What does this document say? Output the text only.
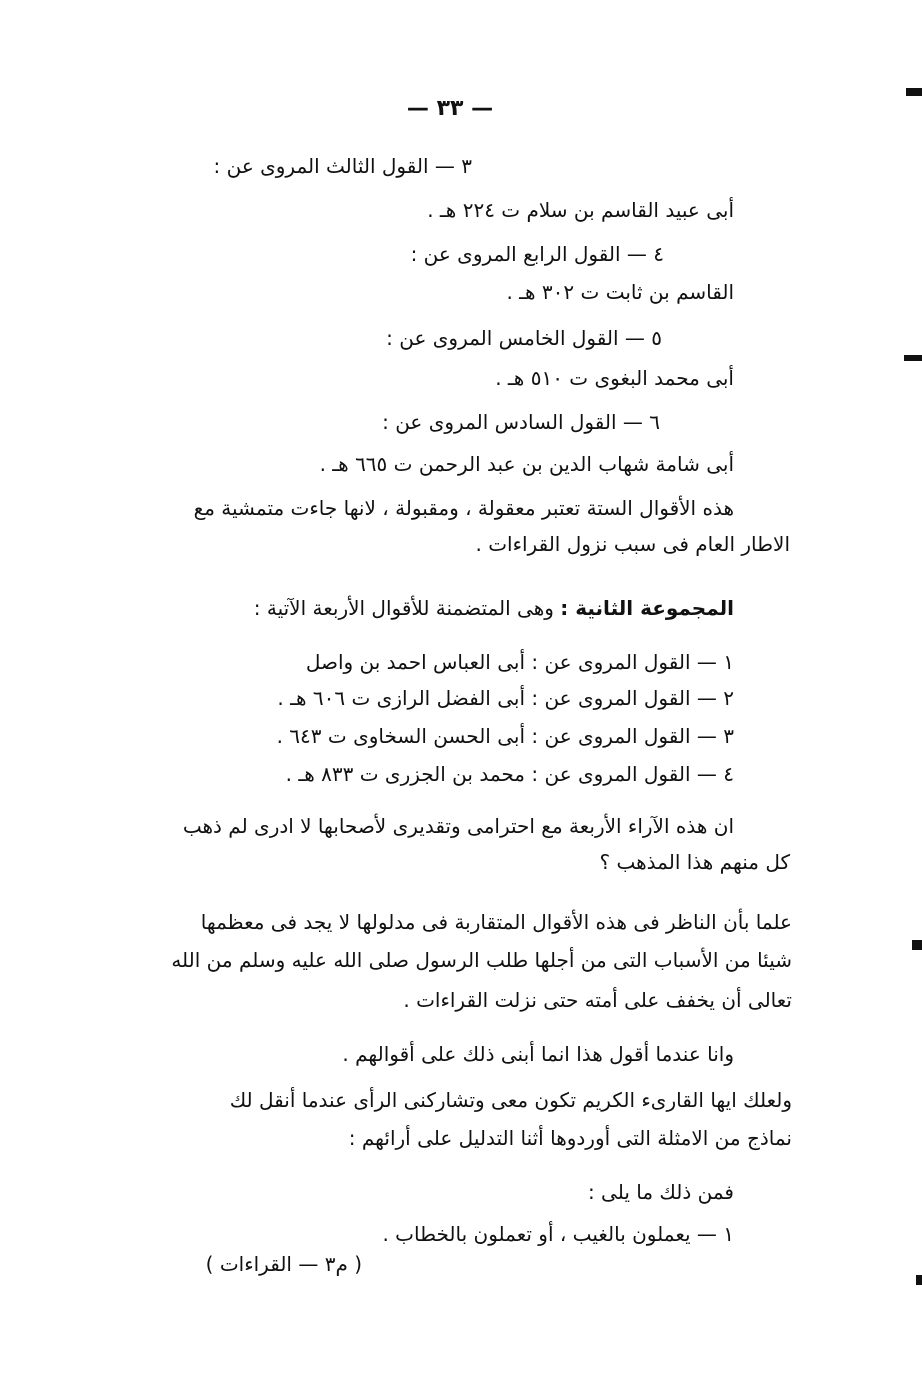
— ٣٣ —
٣ — القول الثالث المروى عن :
أبى عبيد القاسم بن سلام ت ٢٢٤ هـ .
٤ — القول الرابع المروى عن :
القاسم بن ثابت ت ٣٠٢ هـ .
٥ — القول الخامس المروى عن :
أبى محمد البغوى ت ٥١٠ هـ .
٦ — القول السادس المروى عن :
أبى شامة شهاب الدين بن عبد الرحمن ت ٦٦٥ هـ .
هذه الأقوال الستة تعتبر معقولة ، ومقبولة ، لانها جاءت متمشية مع
الاطار العام فى سبب نزول القراءات .
المجموعة الثانية : وهى المتضمنة للأقوال الأربعة الآتية :
١ — القول المروى عن : أبى العباس احمد بن واصل
٢ — القول المروى عن : أبى الفضل الرازى ت ٦٠٦ هـ .
٣ — القول المروى عن : أبى الحسن السخاوى ت ٦٤٣ .
٤ — القول المروى عن : محمد بن الجزرى ت ٨٣٣ هـ .
ان هذه الآراء الأربعة مع احترامى وتقديرى لأصحابها لا ادرى لم ذهب
كل منهم هذا المذهب ؟
علما بأن الناظر فى هذه الأقوال المتقاربة فى مدلولها لا يجد فى معظمها
شيئا من الأسباب التى من أجلها طلب الرسول صلى الله عليه وسلم من الله
تعالى أن يخفف على أمته حتى نزلت القراءات .
وانا عندما أقول هذا انما أبنى ذلك على أقوالهم .
ولعلك ايها القارىء الكريم تكون معى وتشاركنى الرأى عندما أنقل لك
نماذج من الامثلة التى أوردوها أثنا التدليل على أرائهم :
فمن ذلك ما يلى :
١ — يعملون بالغيب ، أو تعملون بالخطاب .
( م٣ — القراءات )
